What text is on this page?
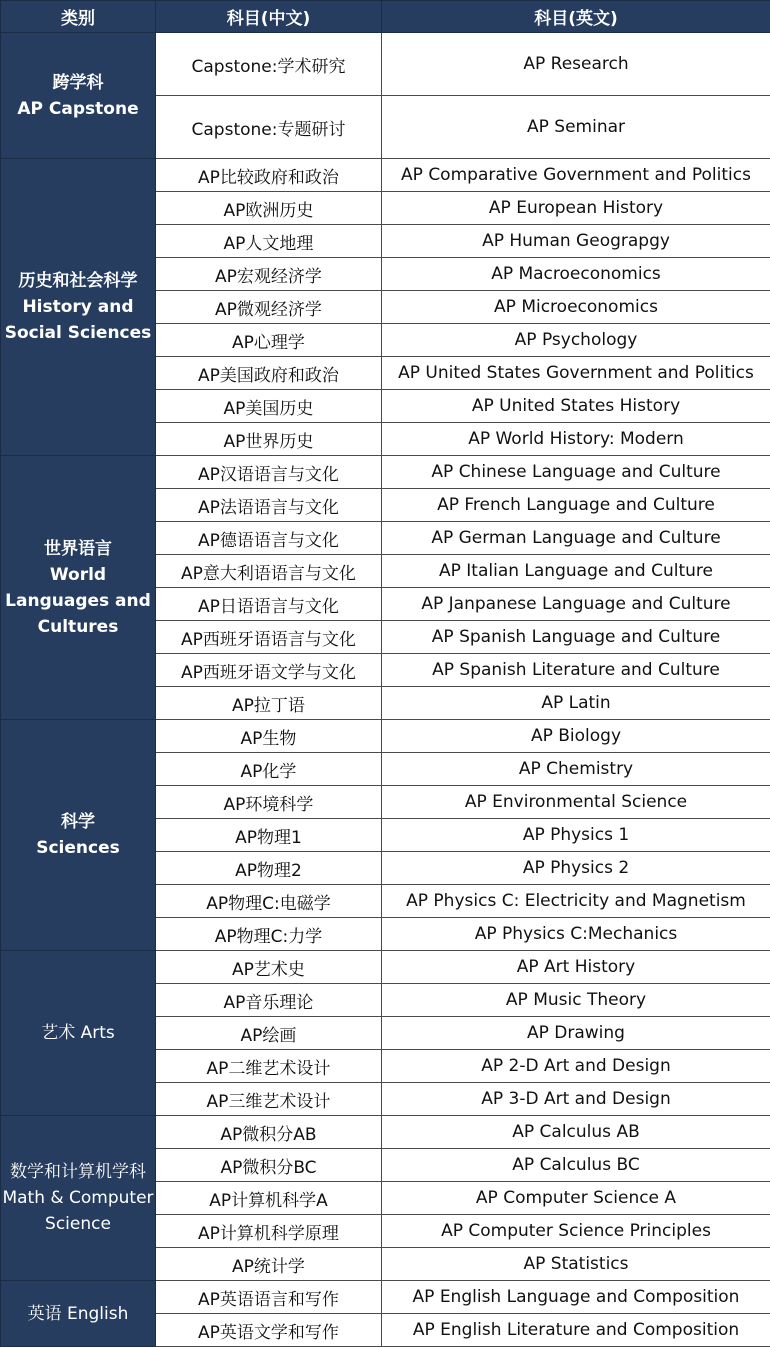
类别	科目(中文)	科目(英文)
跨学科
AP Capstone	Capstone:学术研究	AP Research
	Capstone:专题研讨	AP Seminar
历史和社会科学
History and Social Sciences	AP比较政府和政治	AP Comparative Government and Politics
	AP欧洲历史	AP European History
	AP人文地理	AP Human Geograpgy
	AP宏观经济学	AP Macroeconomics
	AP微观经济学	AP Microeconomics
	AP心理学	AP Psychology
	AP美国政府和政治	AP United States Government and Politics
	AP美国历史	AP United States History
	AP世界历史	AP World History: Modern
世界语言
World Languages and Cultures	AP汉语语言与文化	AP Chinese Language and Culture
	AP法语语言与文化	AP French Language and Culture
	AP德语语言与文化	AP German Language and Culture
	AP意大利语语言与文化	AP Italian Language and Culture
	AP日语语言与文化	AP Janpanese Language and Culture
	AP西班牙语语言与文化	AP Spanish Language and Culture
	AP西班牙语文学与文化	AP Spanish Literature and Culture
	AP拉丁语	AP Latin
科学
Sciences	AP生物	AP Biology
	AP化学	AP Chemistry
	AP环境科学	AP Environmental Science
	AP物理1	AP Physics 1
	AP物理2	AP Physics 2
	AP物理C:电磁学	AP Physics C: Electricity and Magnetism
	AP物理C:力学	AP Physics C:Mechanics
艺术 Arts	AP艺术史	AP Art History
	AP音乐理论	AP Music Theory
	AP绘画	AP Drawing
	AP二维艺术设计	AP 2-D Art and Design
	AP三维艺术设计	AP 3-D Art and Design
数学和计算机学科
Math & Computer Science	AP微积分AB	AP Calculus AB
	AP微积分BC	AP Calculus BC
	AP计算机科学A	AP Computer Science A
	AP计算机科学原理	AP Computer Science Principles
	AP统计学	AP Statistics
英语 English	AP英语语言和写作	AP English Language and Composition
	AP英语文学和写作	AP English Literature and Composition
